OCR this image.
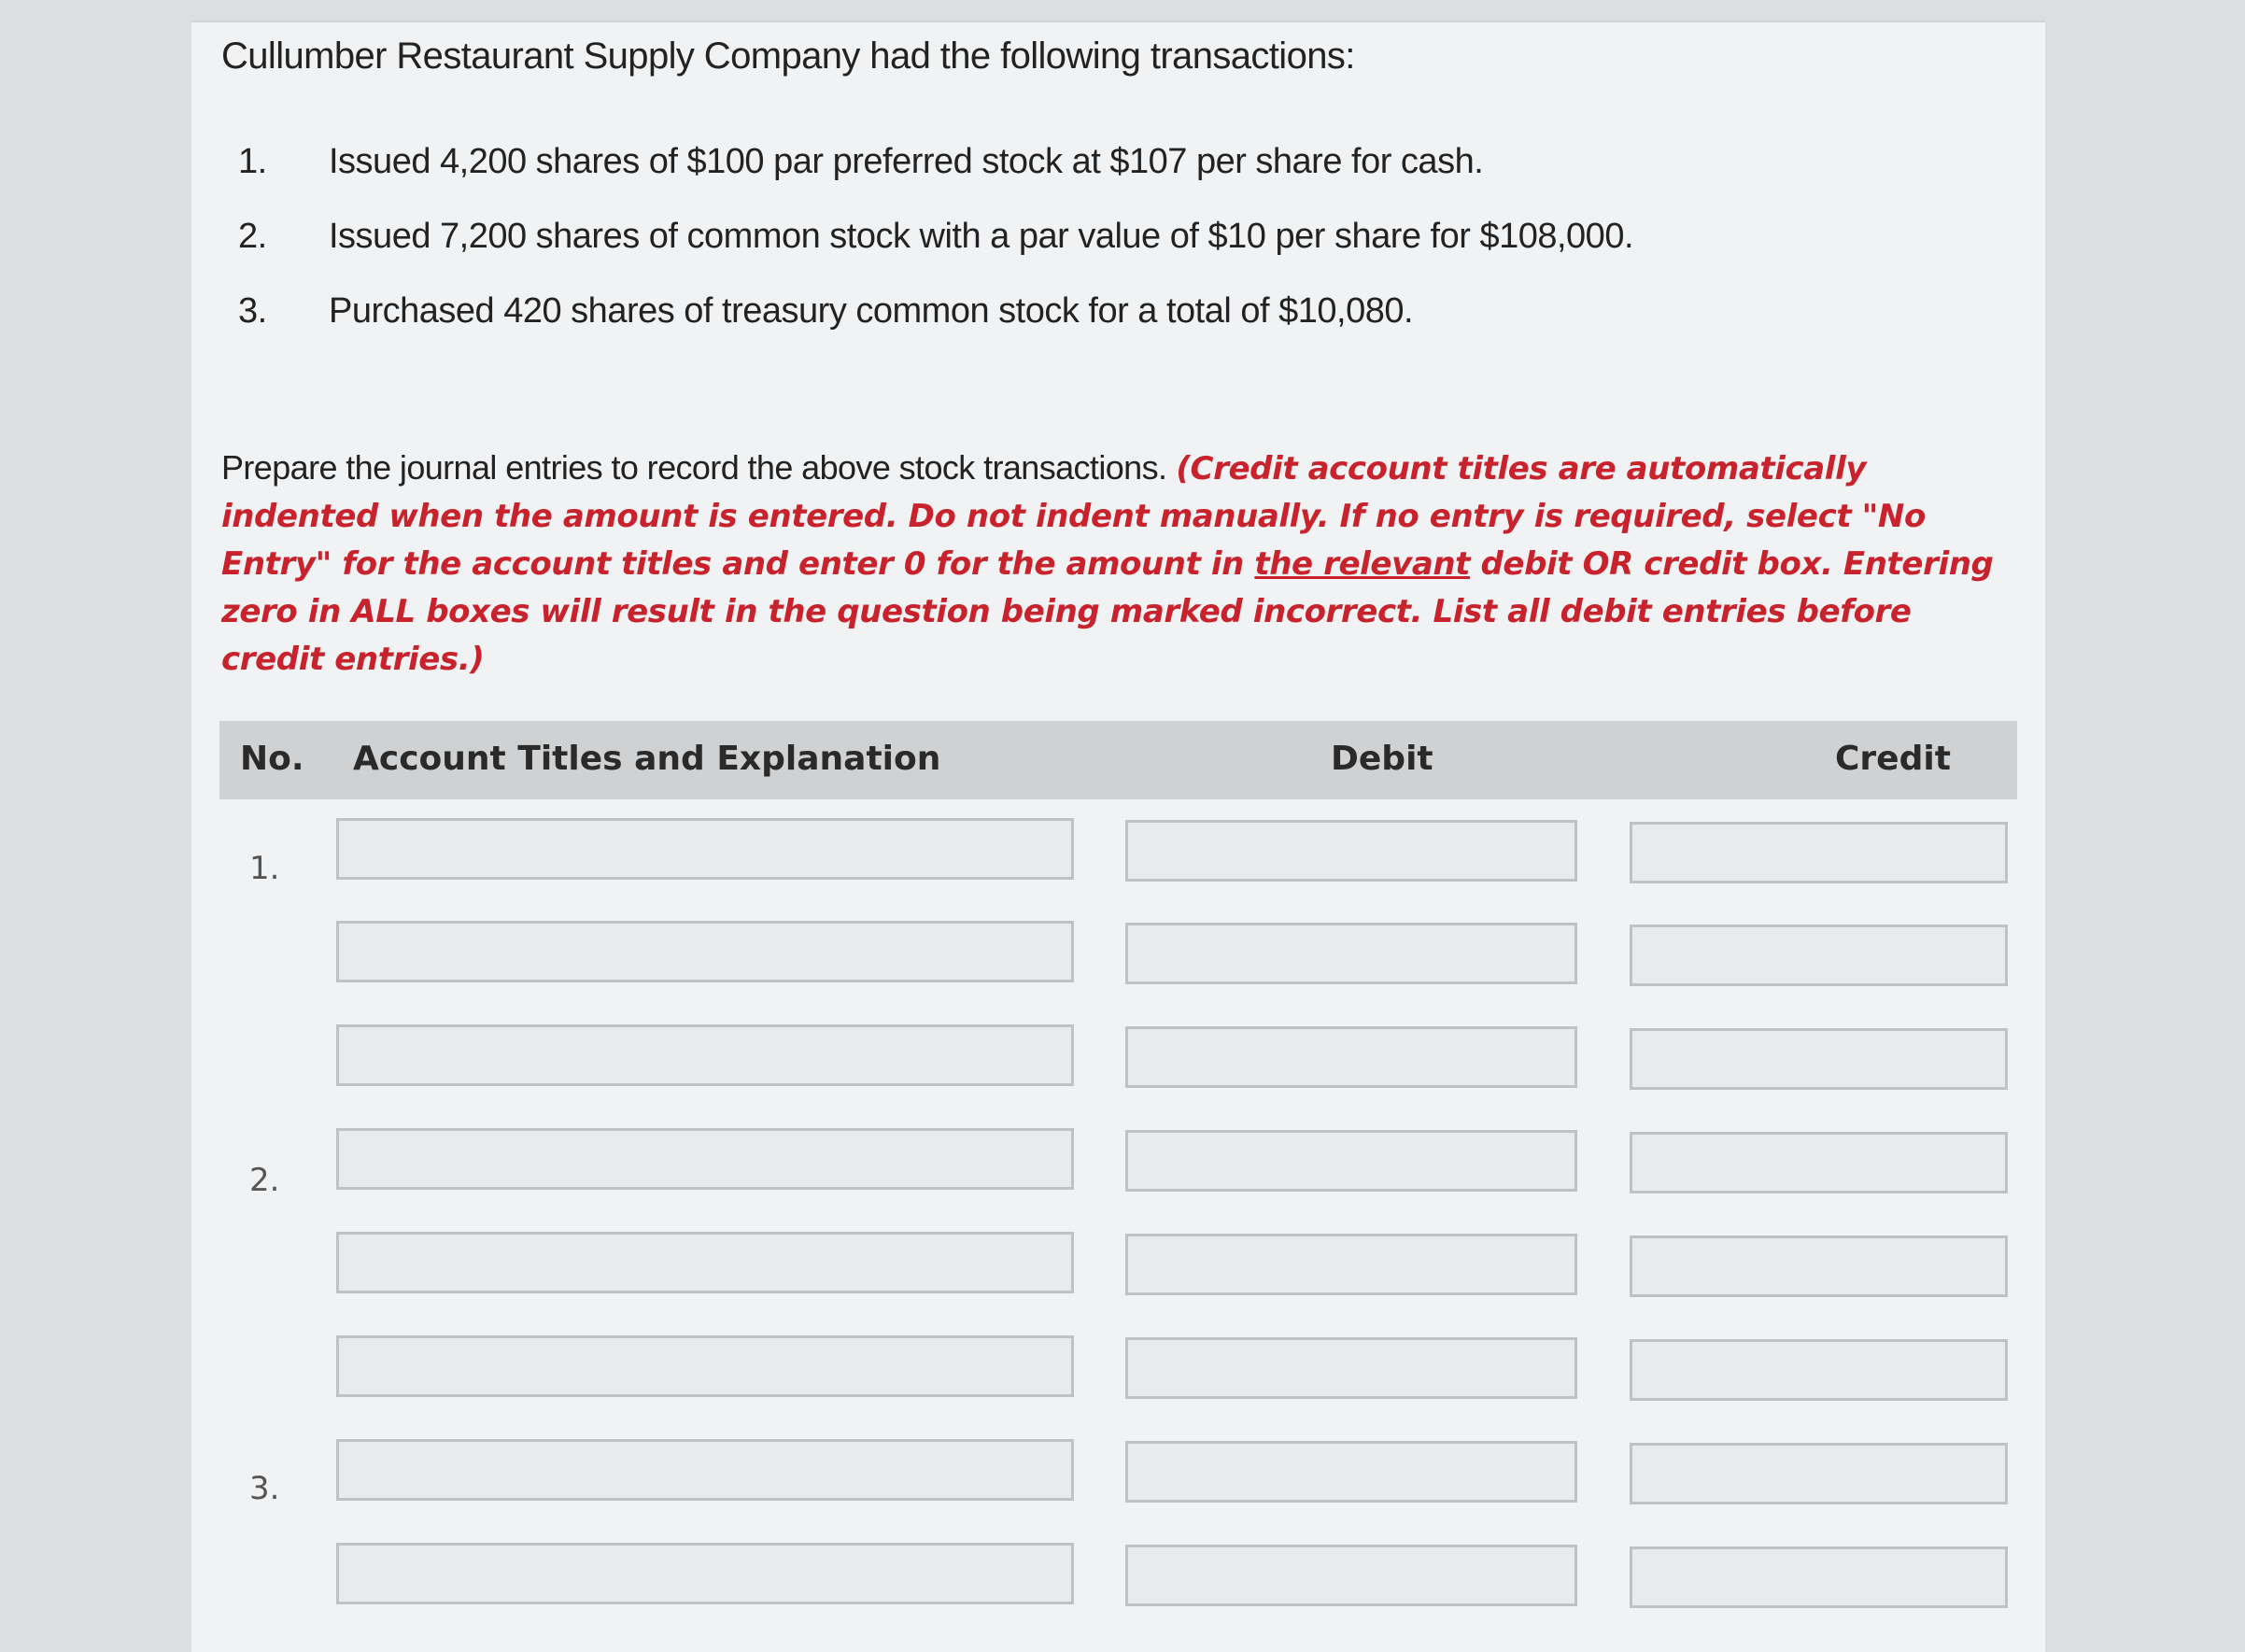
Cullumber Restaurant Supply Company had the following transactions:
1.	Issued 4,200 shares of $100 par preferred stock at $107 per share for cash.
2.	Issued 7,200 shares of common stock with a par value of $10 per share for $108,000.
3.	Purchased 420 shares of treasury common stock for a total of $10,080.
Prepare the journal entries to record the above stock transactions. (Credit account titles are automatically indented when the amount is entered. Do not indent manually. If no entry is required, select "No Entry" for the account titles and enter 0 for the amount in the relevant debit OR credit box. Entering zero in ALL boxes will result in the question being marked incorrect. List all debit entries before credit entries.)
No. Account Titles and Explanation	Debit	Credit
1.
2.
3.
